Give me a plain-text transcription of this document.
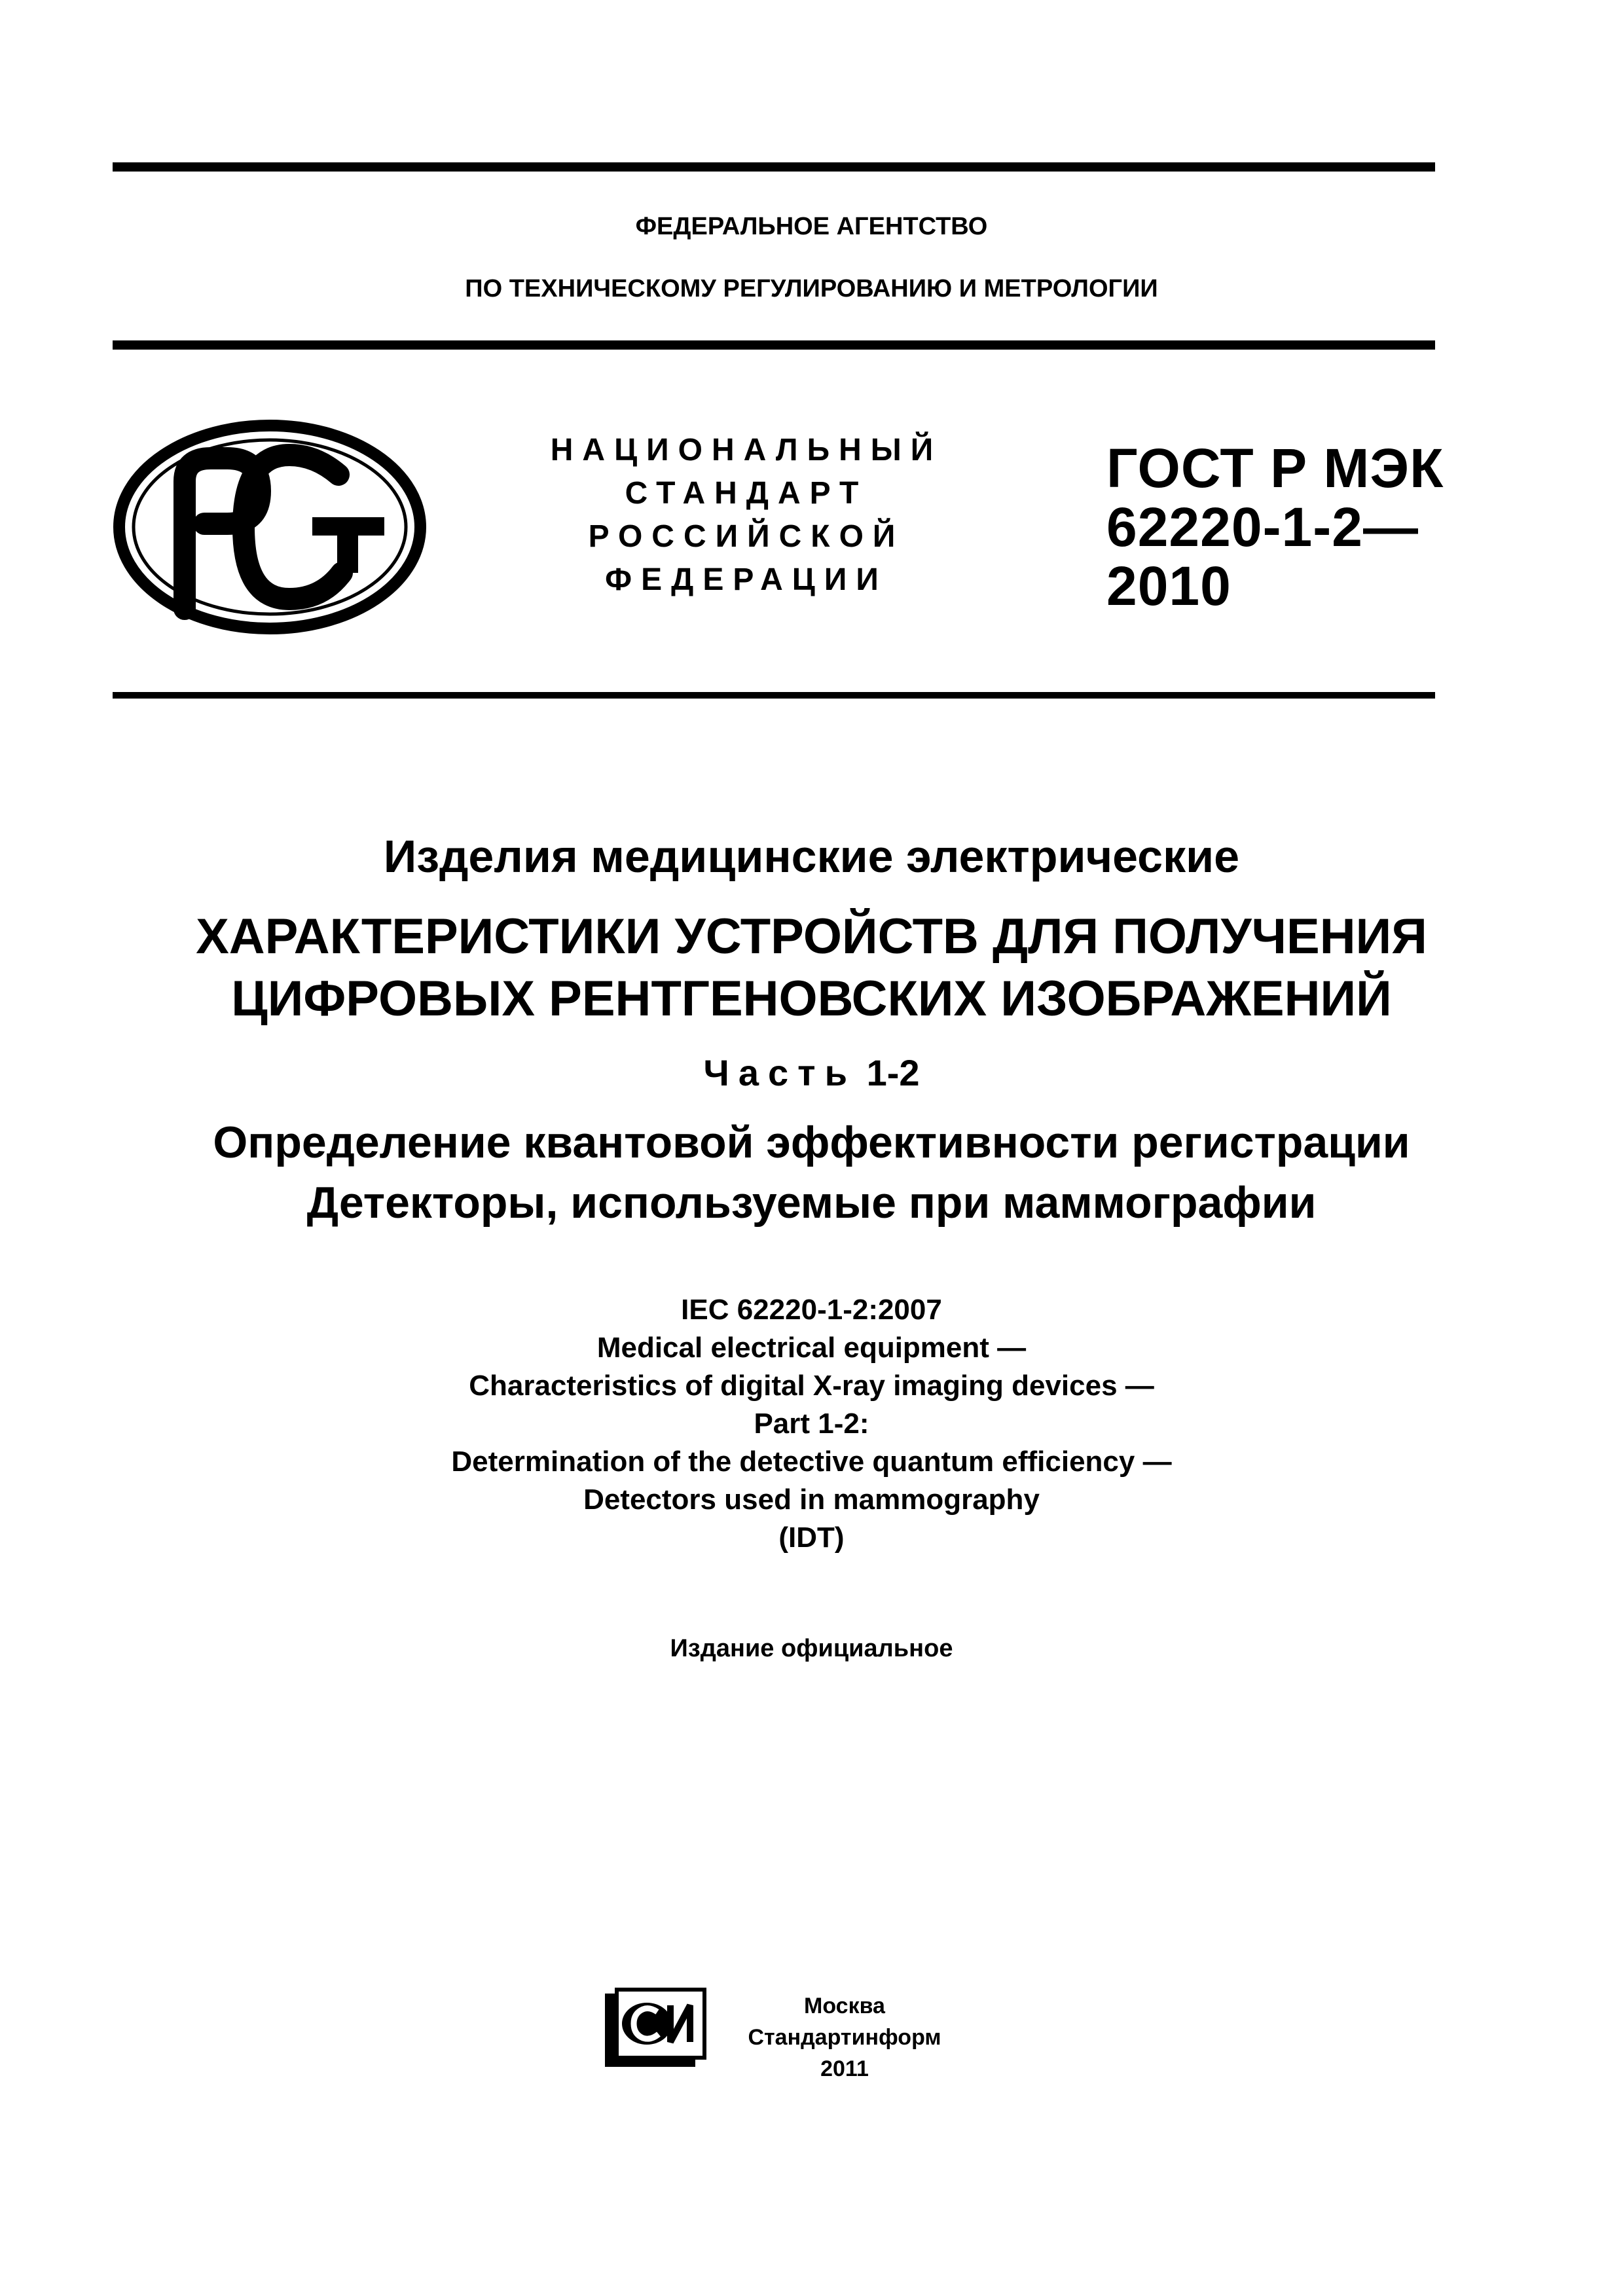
ФЕДЕРАЛЬНОЕ АГЕНТСТВО
ПО ТЕХНИЧЕСКОМУ РЕГУЛИРОВАНИЮ И МЕТРОЛОГИИ
НАЦИОНАЛЬНЫЙ
СТАНДАРТ
РОССИЙСКОЙ
ФЕДЕРАЦИИ
ГОСТ Р МЭК
62220-1-2—
2010
Изделия медицинские электрические
ХАРАКТЕРИСТИКИ УСТРОЙСТВ ДЛЯ ПОЛУЧЕНИЯ
ЦИФРОВЫХ РЕНТГЕНОВСКИХ ИЗОБРАЖЕНИЙ
Часть 1-2
Определение квантовой эффективности регистрации
Детекторы, используемые при маммографии
IEC 62220-1-2:2007
Medical electrical equipment —
Characteristics of digital X-ray imaging devices —
Part 1-2:
Determination of the detective quantum efficiency —
Detectors used in mammography
(IDT)
Издание официальное
Москва
Стандартинформ
2011
